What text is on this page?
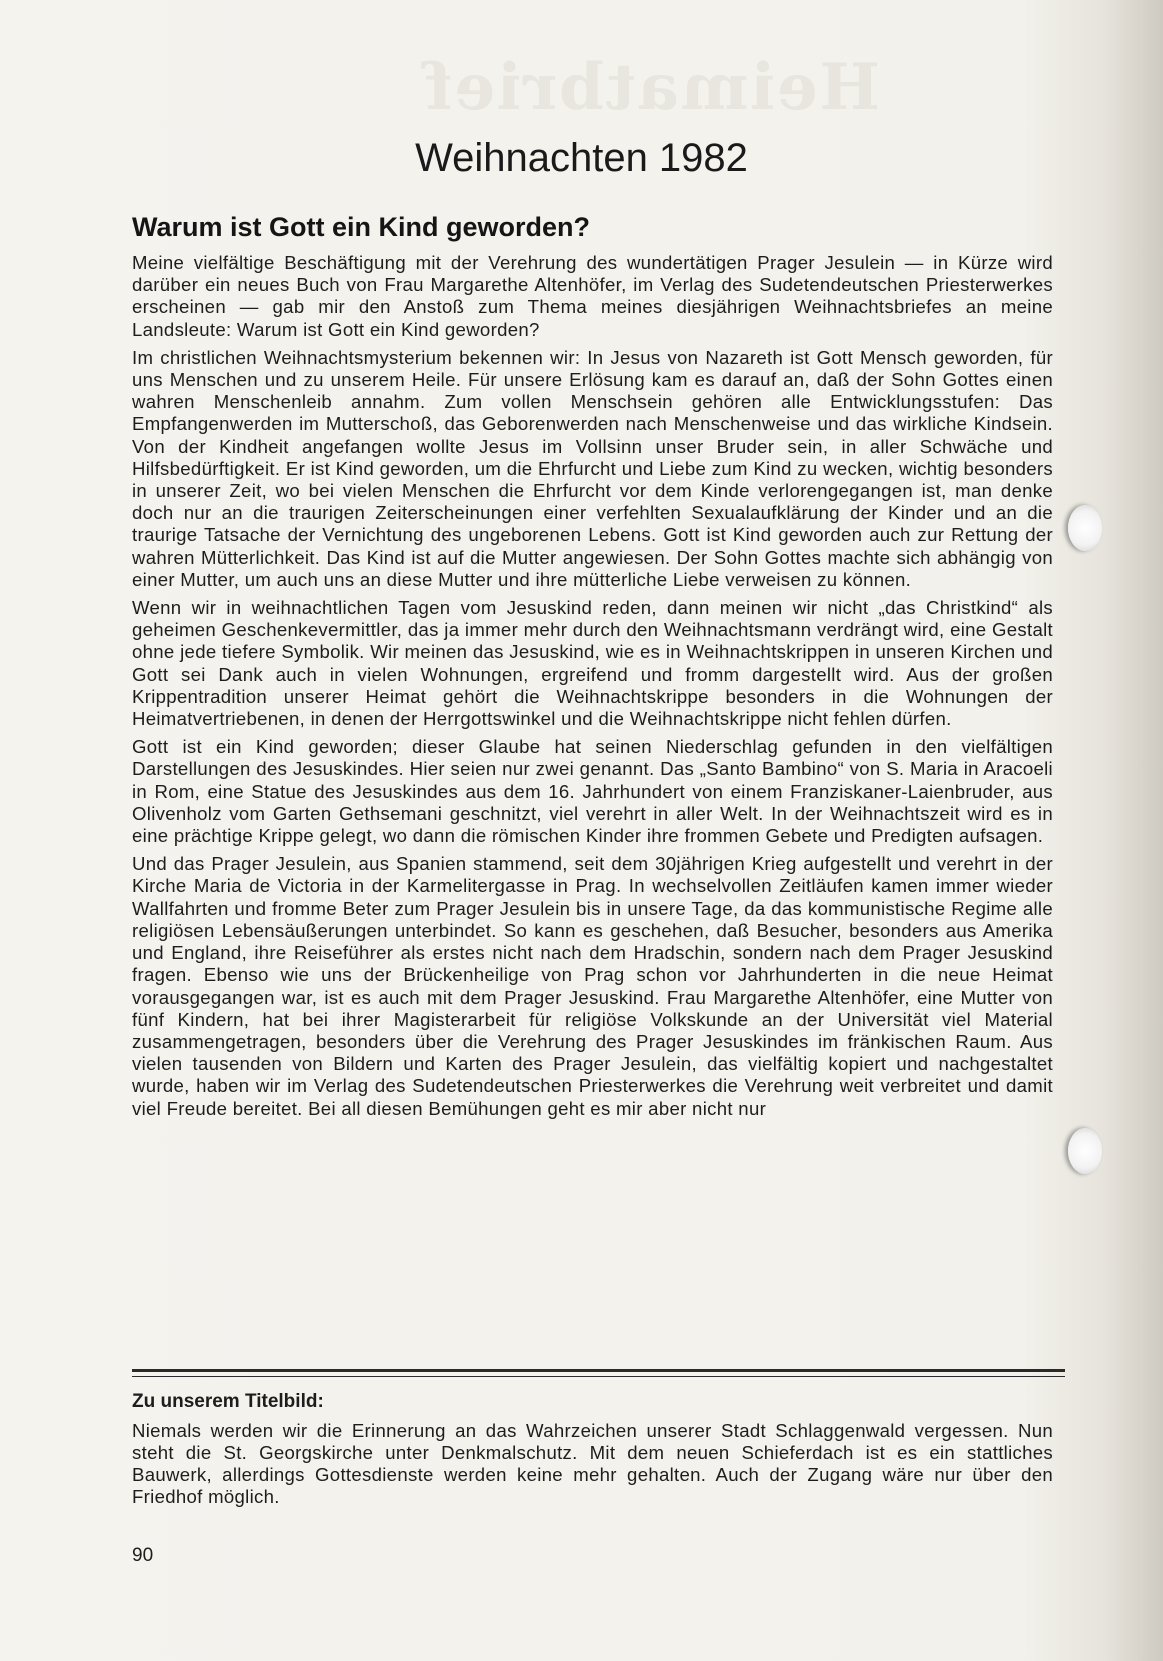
Heimatbrief
Weihnachten 1982
Warum ist Gott ein Kind geworden?

Meine vielfältige Beschäftigung mit der Verehrung des wundertätigen Prager Jesulein — in Kürze wird darüber ein neues Buch von Frau Margarethe Altenhöfer, im Verlag des Sudetendeutschen Priesterwerkes erscheinen — gab mir den Anstoß zum Thema meines diesjährigen Weihnachtsbriefes an meine Landsleute: Warum ist Gott ein Kind geworden?

Im christlichen Weihnachtsmysterium bekennen wir: In Jesus von Nazareth ist Gott Mensch geworden, für uns Menschen und zu unserem Heile. Für unsere Erlösung kam es darauf an, daß der Sohn Gottes einen wahren Menschenleib annahm. Zum vollen Menschsein gehören alle Entwicklungsstufen: Das Empfangenwerden im Mutterschoß, das Geborenwerden nach Menschenweise und das wirkliche Kindsein. Von der Kindheit angefangen wollte Jesus im Vollsinn unser Bruder sein, in aller Schwäche und Hilfsbedürftigkeit. Er ist Kind geworden, um die Ehrfurcht und Liebe zum Kind zu wecken, wichtig besonders in unserer Zeit, wo bei vielen Menschen die Ehrfurcht vor dem Kinde verlorengegangen ist, man denke doch nur an die traurigen Zeiterscheinungen einer verfehlten Sexualaufklärung der Kinder und an die traurige Tatsache der Vernichtung des ungeborenen Lebens. Gott ist Kind geworden auch zur Rettung der wahren Mütterlichkeit. Das Kind ist auf die Mutter angewiesen. Der Sohn Gottes machte sich abhängig von einer Mutter, um auch uns an diese Mutter und ihre mütterliche Liebe verweisen zu können.

Wenn wir in weihnachtlichen Tagen vom Jesuskind reden, dann meinen wir nicht „das Christkind“ als geheimen Geschenkevermittler, das ja immer mehr durch den Weihnachtsmann verdrängt wird, eine Gestalt ohne jede tiefere Symbolik. Wir meinen das Jesuskind, wie es in Weihnachtskrippen in unseren Kirchen und Gott sei Dank auch in vielen Wohnungen, ergreifend und fromm dargestellt wird. Aus der großen Krippentradition unserer Heimat gehört die Weihnachtskrippe besonders in die Wohnungen der Heimatvertriebenen, in denen der Herrgottswinkel und die Weihnachtskrippe nicht fehlen dürfen.

Gott ist ein Kind geworden; dieser Glaube hat seinen Niederschlag gefunden in den vielfältigen Darstellungen des Jesuskindes. Hier seien nur zwei genannt. Das „Santo Bambino“ von S. Maria in Aracoeli in Rom, eine Statue des Jesuskindes aus dem 16. Jahrhundert von einem Franziskaner-Laienbruder, aus Olivenholz vom Garten Gethsemani geschnitzt, viel verehrt in aller Welt. In der Weihnachtszeit wird es in eine prächtige Krippe gelegt, wo dann die römischen Kinder ihre frommen Gebete und Predigten aufsagen.

Und das Prager Jesulein, aus Spanien stammend, seit dem 30jährigen Krieg aufgestellt und verehrt in der Kirche Maria de Victoria in der Karmelitergasse in Prag. In wechselvollen Zeitläufen kamen immer wieder Wallfahrten und fromme Beter zum Prager Jesulein bis in unsere Tage, da das kommunistische Regime alle religiösen Lebensäußerungen unterbindet. So kann es geschehen, daß Besucher, besonders aus Amerika und England, ihre Reiseführer als erstes nicht nach dem Hradschin, sondern nach dem Prager Jesuskind fragen. Ebenso wie uns der Brückenheilige von Prag schon vor Jahrhunderten in die neue Heimat vorausgegangen war, ist es auch mit dem Prager Jesuskind. Frau Margarethe Altenhöfer, eine Mutter von fünf Kindern, hat bei ihrer Magisterarbeit für religiöse Volkskunde an der Universität viel Material zusammengetragen, besonders über die Verehrung des Prager Jesuskindes im fränkischen Raum. Aus vielen tausenden von Bildern und Karten des Prager Jesulein, das vielfältig kopiert und nachgestaltet wurde, haben wir im Verlag des Sudetendeutschen Priesterwerkes die Verehrung weit verbreitet und damit viel Freude bereitet. Bei all diesen Bemühungen geht es mir aber nicht nur

Zu unserem Titelbild:

Niemals werden wir die Erinnerung an das Wahrzeichen unserer Stadt Schlaggenwald vergessen. Nun steht die St. Georgskirche unter Denkmalschutz. Mit dem neuen Schieferdach ist es ein stattliches Bauwerk, allerdings Gottesdienste werden keine mehr gehalten. Auch der Zugang wäre nur über den Friedhof möglich.

90
